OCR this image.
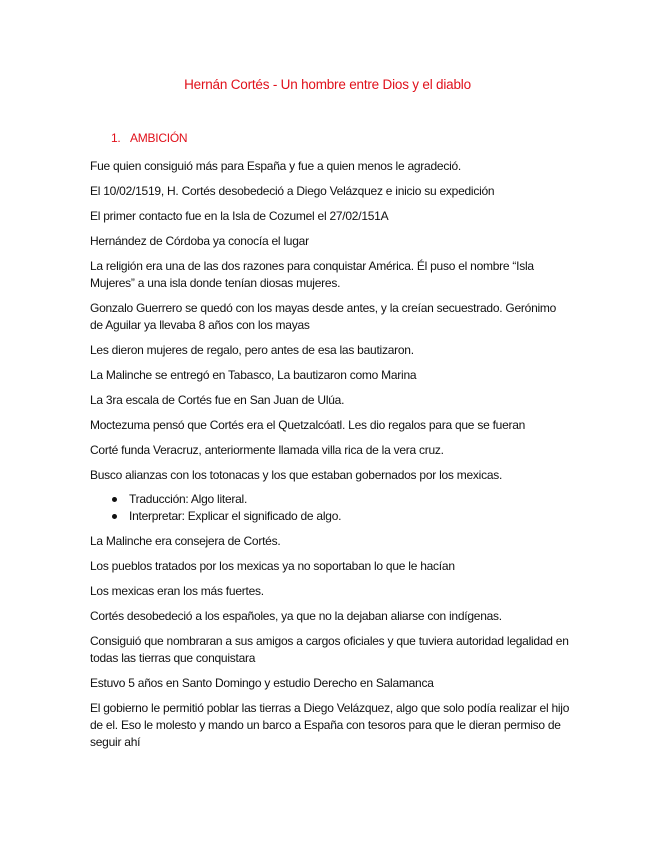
Hernán Cortés - Un hombre entre Dios y el diablo
1. AMBICIÓN
Fue quien consiguió más para España y fue a quien menos le agradeció.
El 10/02/1519, H. Cortés desobedeció a Diego Velázquez e inicio su expedición
El primer contacto fue en la Isla de Cozumel el 27/02/151A
Hernández de Córdoba ya conocía el lugar
La religión era una de las dos razones para conquistar América. Él puso el nombre “Isla Mujeres” a una isla donde tenían diosas mujeres.
Gonzalo Guerrero se quedó con los mayas desde antes, y la creían secuestrado. Gerónimo de Aguilar ya llevaba 8 años con los mayas
Les dieron mujeres de regalo, pero antes de esa las bautizaron.
La Malinche se entregó en Tabasco, La bautizaron como Marina
La 3ra escala de Cortés fue en San Juan de Ulúa.
Moctezuma pensó que Cortés era el Quetzalcóatl. Les dio regalos para que se fueran
Corté funda Veracruz, anteriormente llamada villa rica de la vera cruz.
Busco alianzas con los totonacas y los que estaban gobernados por los mexicas.
Traducción: Algo literal.
Interpretar: Explicar el significado de algo.
La Malinche era consejera de Cortés.
Los pueblos tratados por los mexicas ya no soportaban lo que le hacían
Los mexicas eran los más fuertes.
Cortés desobedeció a los españoles, ya que no la dejaban aliarse con indígenas.
Consiguió que nombraran a sus amigos a cargos oficiales y que tuviera autoridad legalidad en todas las tierras que conquistara
Estuvo 5 años en Santo Domingo y estudio Derecho en Salamanca
El gobierno le permitió poblar las tierras a Diego Velázquez, algo que solo podía realizar el hijo de el. Eso le molesto y mando un barco a España con tesoros para que le dieran permiso de seguir ahí
